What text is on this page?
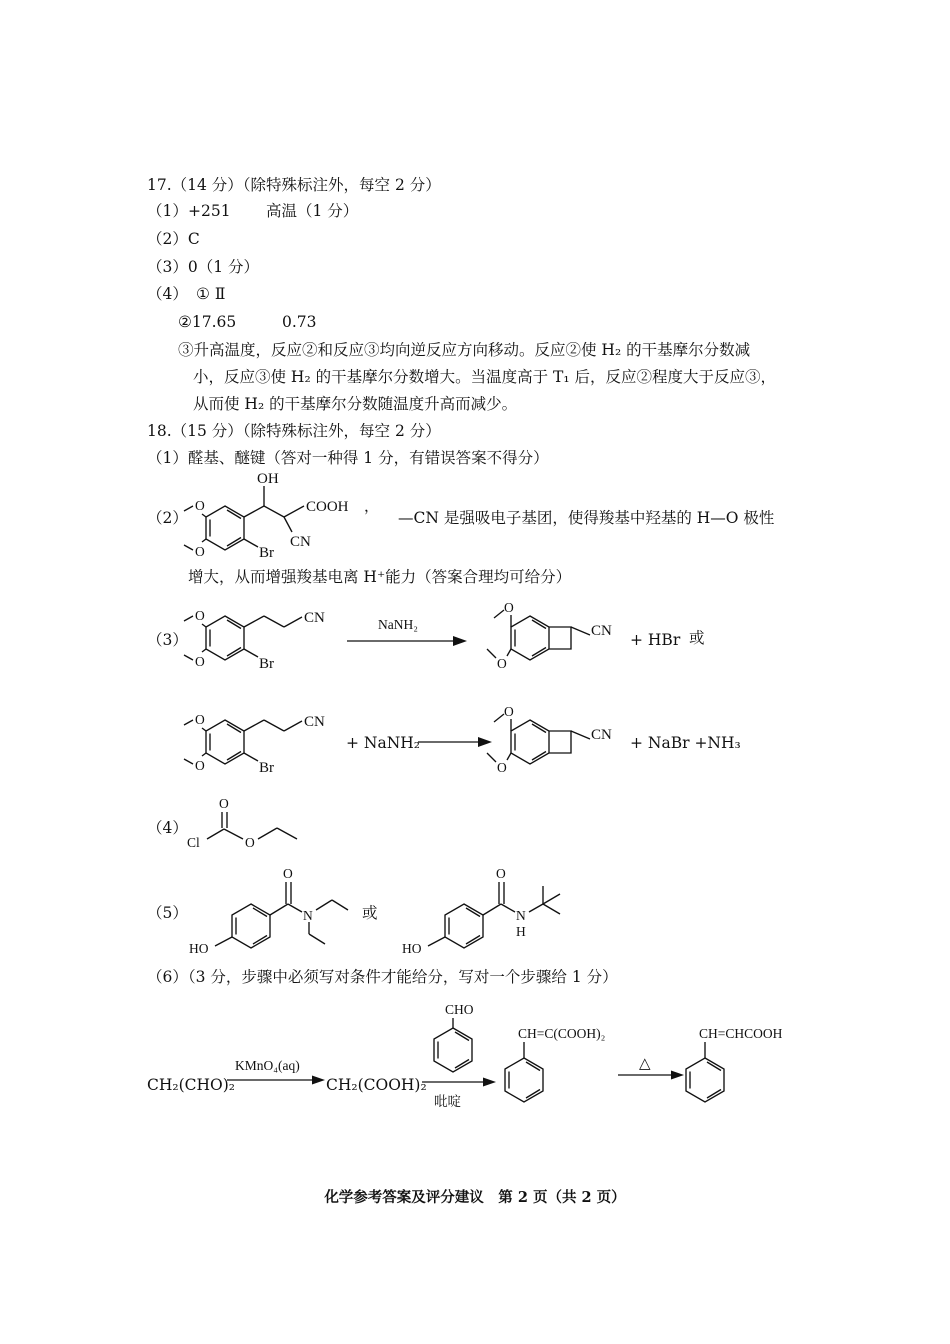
17.（14 分）（除特殊标注外，每空 2 分）
（1） +251 高温（1 分）
（2）C
（3）0（1 分）
（4） ① Ⅱ
②17.65	0.73
③升高温度，反应②和反应③均向逆反应方向移动。反应②使 H₂ 的干基摩尔分数减
小，反应③使 H₂ 的干基摩尔分数增大。当温度高于 T₁ 后，反应②程度大于反应③，
从而使 H₂ 的干基摩尔分数随温度升高而减少。
18.（15 分）（除特殊标注外，每空 2 分）
（1）醛基、醚键（答对一种得 1 分，有错误答案不得分）
（2）
O
O
OH
COOH
CN
Br
，
—CN 是强吸电子基团，使得羧基中羟基的 H—O 极性
增大，从而增强羧基电离 H⁺能力（答案合理均可给分）
（3）
O
O
CN
Br
NaNH₂	CN
O
O
+ HBr 或
O
O
CN
Br
+ NaNH₂	CN
O
O
+ NaBr +NH₃
（4）
O
Cl	O
（5）
HO
O
N	或
HO
O
N
H
（6）（3 分，步骤中必须写对条件才能给分，写对一个步骤给 1 分）
CH₂(CHO)₂
KMnO₄(aq)
CH₂(COOH)₂
CHO
吡啶
CH=C(COOH)₂
△
CH=CHCOOH
化学参考答案及评分建议　第 2 页（共 2 页）
